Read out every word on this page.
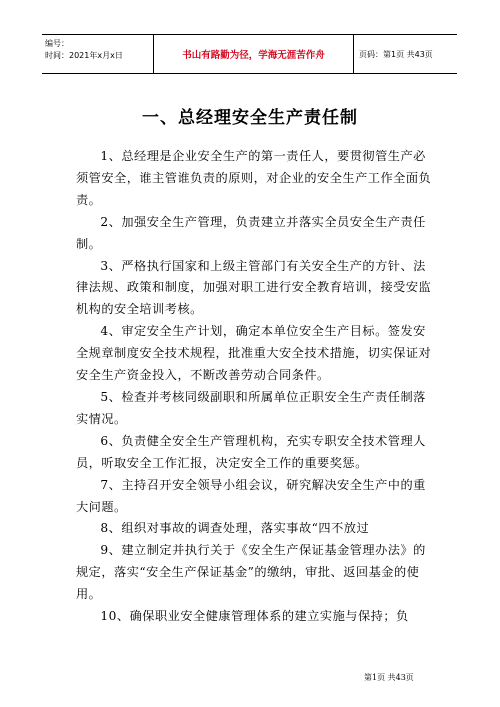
编号：
时间：2021年x月x日	书山有路勤为径，学海无涯苦作舟	页码：第1页 共43页
一、总经理安全生产责任制

1、总经理是企业安全生产的第一责任人，要贯彻管生产必须管安全，谁主管谁负责的原则，对企业的安全生产工作全面负责。

2、加强安全生产管理，负责建立并落实全员安全生产责任制。

3、严格执行国家和上级主管部门有关安全生产的方针、法律法规、政策和制度，加强对职工进行安全教育培训，接受安监机构的安全培训考核。

4、审定安全生产计划，确定本单位安全生产目标。签发安全规章制度安全技术规程，批准重大安全技术措施，切实保证对安全生产资金投入，不断改善劳动合同条件。

5、检查并考核同级副职和所属单位正职安全生产责任制落实情况。

6、负责健全安全生产管理机构，充实专职安全技术管理人员，听取安全工作汇报，决定安全工作的重要奖惩。

7、主持召开安全领导小组会议，研究解决安全生产中的重大问题。

8、组织对事故的调查处理，落实事故“四不放过

9、建立制定并执行关于《安全生产保证基金管理办法》的规定，落实“安全生产保证基金”的缴纳，审批、返回基金的使用。

10、确保职业安全健康管理体系的建立实施与保持；负

第1页 共43页
